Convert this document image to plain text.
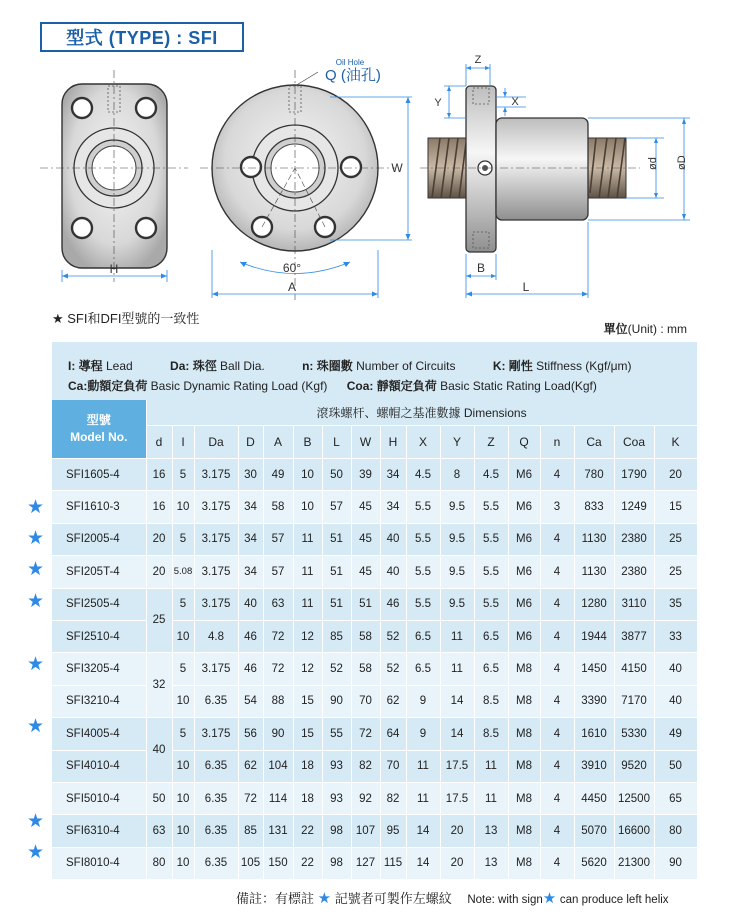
型式 (TYPE) : SFI
H	60°
Oil Hole
Q (油孔)
A
W
Z
Y	X
ød øD
B
L
★ SFI和DFI型號的一致性
單位(Unit) : mm
I: 導程 Lead	Da: 珠徑 Ball Dia.	n: 珠圈數 Number of Circuits	K: 剛性 Stiffness (Kgf/μm)
Ca:動額定負荷 Basic Dynamic Rating Load (Kgf) Coa: 靜額定負荷 Basic Static Rating Load(Kgf)
型號
Model No.	滾珠螺杆、螺帽之基准數據 Dimensions																
	d	I	Da	D	A	B	L	W	H	X	Y	Z	Q	n	Ca	Coa	K
SFI1605-4	16	5	3.175	30	49	10	50	39	34	4.5	8	4.5	M6	4	780	1790	20
SFI1610-3	16	10	3.175	34	58	10	57	45	34	5.5	9.5	5.5	M6	3	833	1249	15
SFI2005-4	20	5	3.175	34	57	11	51	45	40	5.5	9.5	5.5	M6	4	1130	2380	25
SFI205T-4	20	5.08	3.175	34	57	11	51	45	40	5.5	9.5	5.5	M6	4	1130	2380	25
SFI2505-4	25	5	3.175	40	63	11	51	51	46	5.5	9.5	5.5	M6	4	1280	3110	35
SFI2510-4		10	4.8	46	72	12	85	58	52	6.5	11	6.5	M6	4	1944	3877	33
SFI3205-4	32	5	3.175	46	72	12	52	58	52	6.5	11	6.5	M8	4	1450	4150	40
SFI3210-4		10	6.35	54	88	15	90	70	62	9	14	8.5	M8	4	3390	7170	40
SFI4005-4	40	5	3.175	56	90	15	55	72	64	9	14	8.5	M8	4	1610	5330	49
SFI4010-4		10	6.35	62	104	18	93	82	70	11	17.5	11	M8	4	3910	9520	50
SFI5010-4	50	10	6.35	72	114	18	93	92	82	11	17.5	11	M8	4	4450	12500	65
SFI6310-4	63	10	6.35	85	131	22	98	107	95	14	20	13	M8	4	5070	16600	80
SFI8010-4	80	10	6.35	105	150	22	98	127	115	14	20	13	M8	4	5620	21300	90
★
★
★
★
★
★
★
★
備註：有標註 ★ 記號者可製作左螺紋 Note: with sign★ can produce left helix
